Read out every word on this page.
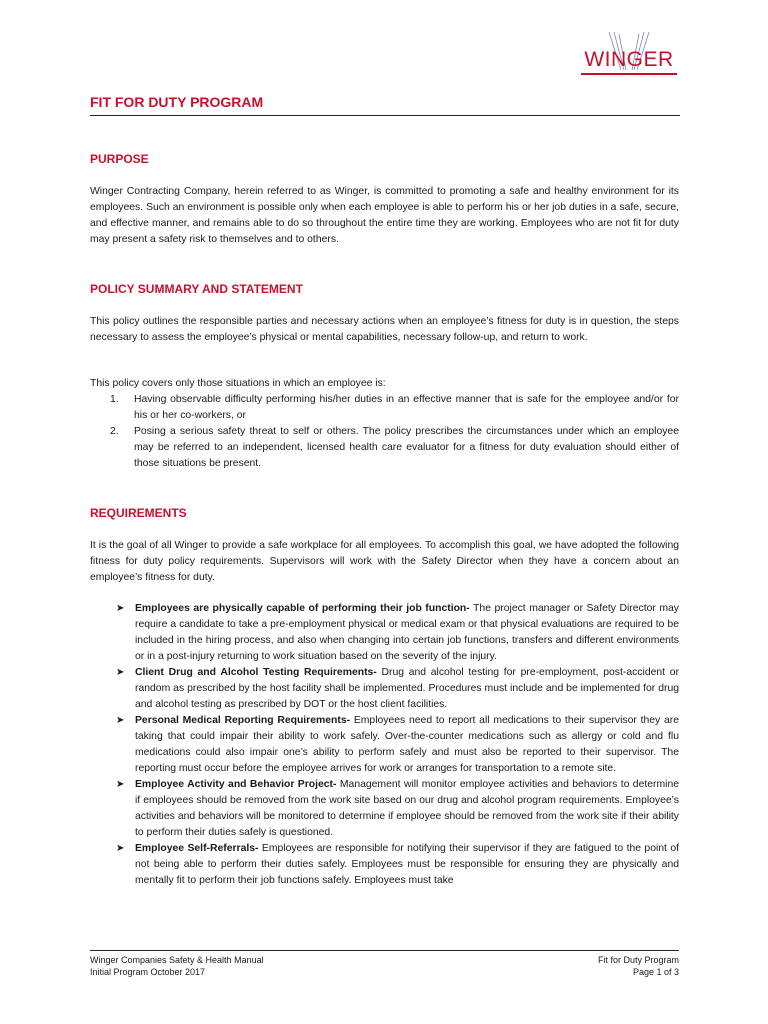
WINGER
FIT FOR DUTY PROGRAM
PURPOSE

Winger Contracting Company, herein referred to as Winger, is committed to promoting a safe and healthy environment for its employees. Such an environment is possible only when each employee is able to perform his or her job duties in a safe, secure, and effective manner, and remains able to do so throughout the entire time they are working. Employees who are not fit for duty may present a safety risk to themselves and to others.

POLICY SUMMARY AND STATEMENT

This policy outlines the responsible parties and necessary actions when an employee’s fitness for duty is in question, the steps necessary to assess the employee’s physical or mental capabilities, necessary follow-up, and return to work.

This policy covers only those situations in which an employee is:

1. Having observable difficulty performing his/her duties in an effective manner that is safe for the employee and/or for his or her co-workers, or
2. Posing a serious safety threat to self or others. The policy prescribes the circumstances under which an employee may be referred to an independent, licensed health care evaluator for a fitness for duty evaluation should either of those situations be present.
REQUIREMENTS

It is the goal of all Winger to provide a safe workplace for all employees. To accomplish this goal, we have adopted the following fitness for duty policy requirements. Supervisors will work with the Safety Director when they have a concern about an employee’s fitness for duty.

➤ Employees are physically capable of performing their job function- The project manager or Safety Director may require a candidate to take a pre-employment physical or medical exam or that physical evaluations are required to be included in the hiring process, and also when changing into certain job functions, transfers and different environments or in a post-injury returning to work situation based on the severity of the injury.
➤ Client Drug and Alcohol Testing Requirements- Drug and alcohol testing for pre-employment, post-accident or random as prescribed by the host facility shall be implemented. Procedures must include and be implemented for drug and alcohol testing as prescribed by DOT or the host client facilities.
➤ Personal Medical Reporting Requirements- Employees need to report all medications to their supervisor they are taking that could impair their ability to work safely. Over-the-counter medications such as allergy or cold and flu medications could also impair one’s ability to perform safely and must also be reported to their supervisor. The reporting must occur before the employee arrives for work or arranges for transportation to a remote site.
➤ Employee Activity and Behavior Project- Management will monitor employee activities and behaviors to determine if employees should be removed from the work site based on our drug and alcohol program requirements. Employee’s activities and behaviors will be monitored to determine if employee should be removed from the work site if their ability to perform their duties safely is questioned.
➤ Employee Self-Referrals- Employees are responsible for notifying their supervisor if they are fatigued to the point of not being able to perform their duties safely. Employees must be responsible for ensuring they are physically and mentally fit to perform their job functions safely. Employees must take
Winger Companies Safety & Health Manual
Initial Program October 2017
Fit for Duty Program
Page 1 of 3
